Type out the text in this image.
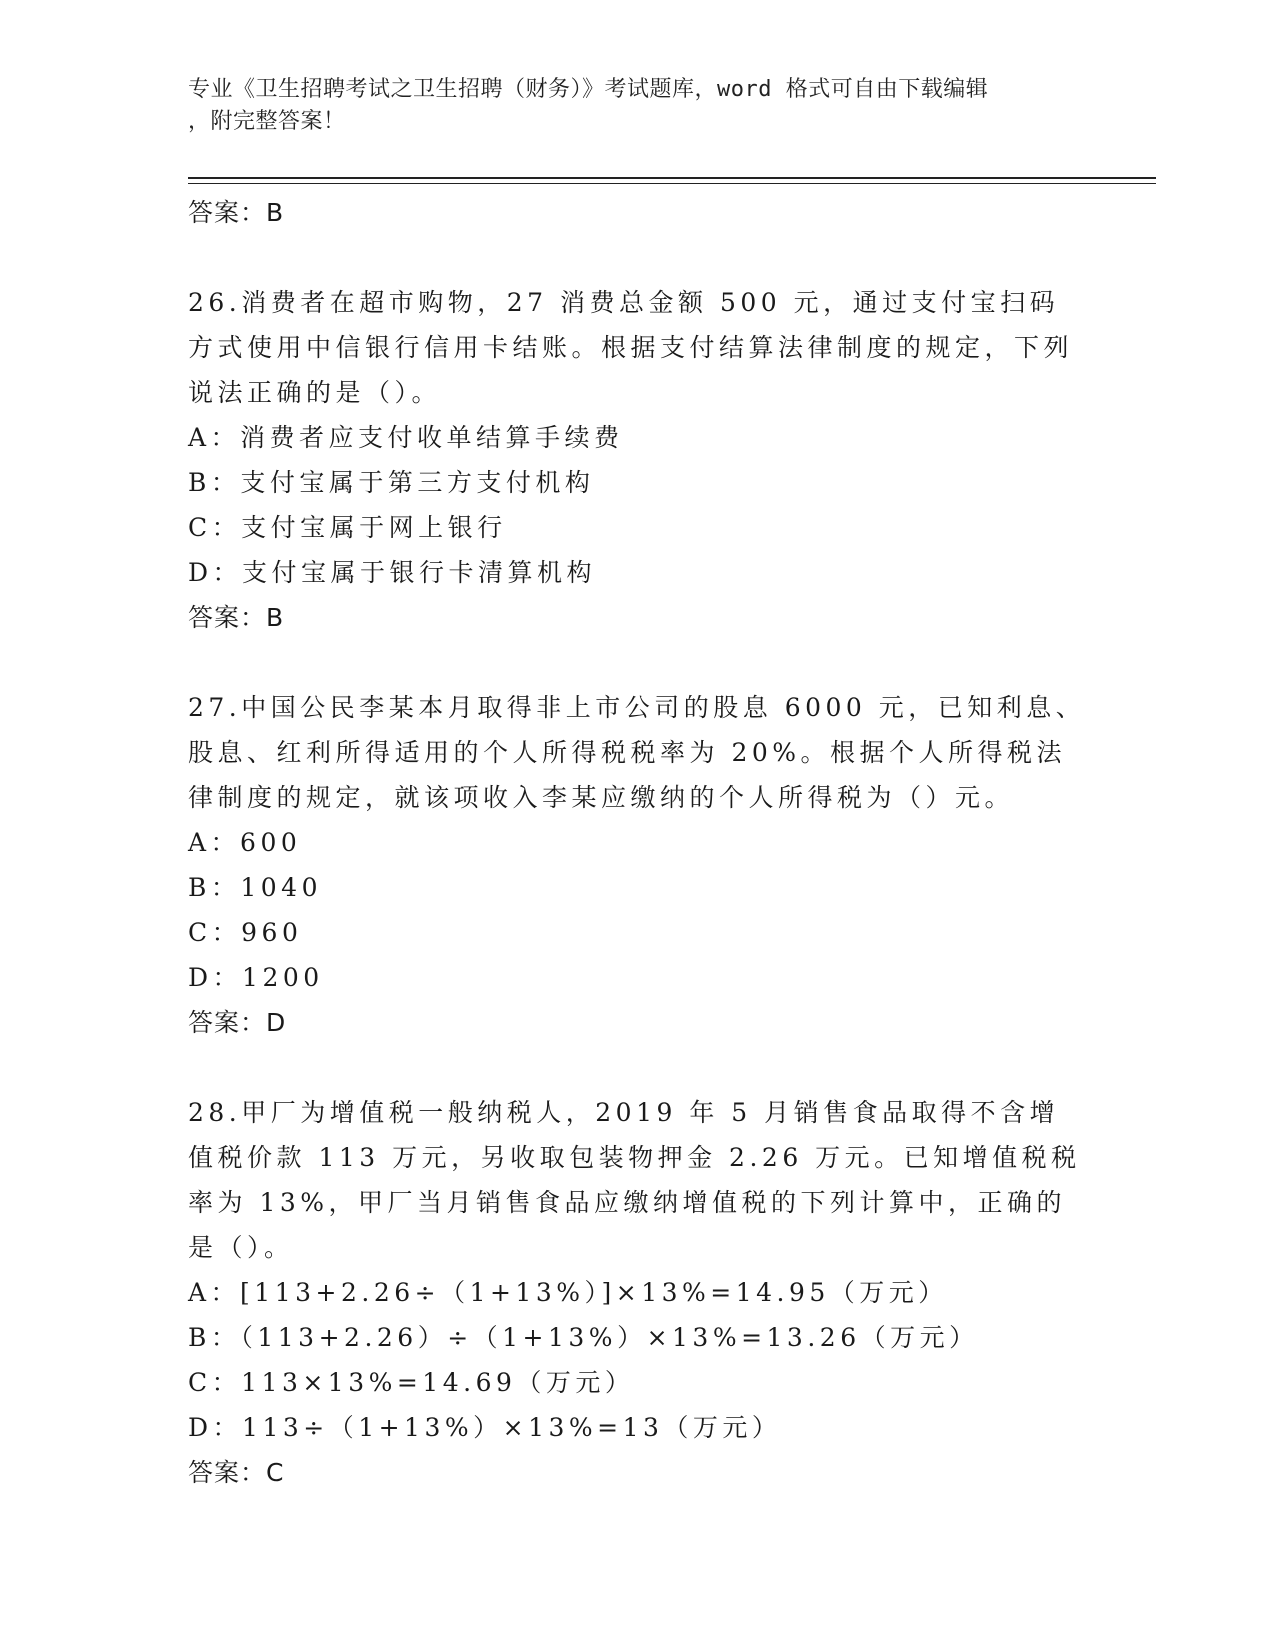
专业《卫生招聘考试之卫生招聘（财务）》考试题库，word 格式可自由下载编辑
，附完整答案！
答案：B
26.消费者在超市购物，27 消费总金额 500 元，通过支付宝扫码方式使用中信银行信用卡结账。根据支付结算法律制度的规定，下列说法正确的是（）。
A：消费者应支付收单结算手续费
B：支付宝属于第三方支付机构
C：支付宝属于网上银行
D：支付宝属于银行卡清算机构
答案：B
27.中国公民李某本月取得非上市公司的股息 6000 元，已知利息、股息、红利所得适用的个人所得税税率为 20%。根据个人所得税法律制度的规定，就该项收入李某应缴纳的个人所得税为（）元。
A：600
B：1040
C：960
D：1200
答案：D
28.甲厂为增值税一般纳税人，2019 年 5 月销售食品取得不含增值税价款 113 万元，另收取包装物押金 2.26 万元。已知增值税税率为 13%，甲厂当月销售食品应缴纳增值税的下列计算中，正确的是（）。
A：[113+2.26÷（1+13%）]×13%=14.95（万元）
B：（113+2.26）÷（1+13%）×13%=13.26（万元）
C：113×13%=14.69（万元）
D：113÷（1+13%）×13%=13（万元）
答案：C
